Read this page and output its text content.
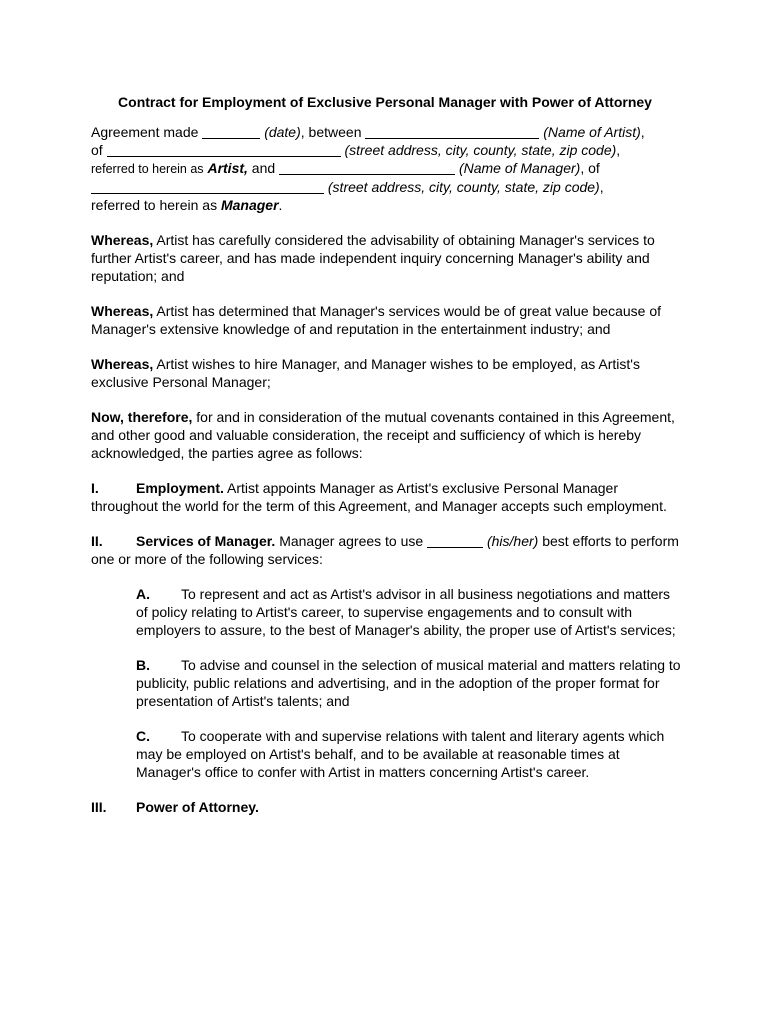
Contract for Employment of Exclusive Personal Manager with Power of Attorney

Agreement made	(date), between	(Name of Artist),

of	(street address, city, county, state, zip code),

referred to herein as Artist, and	(Name of Manager), of

(street address, city, county, state, zip code),

referred to herein as Manager.

Whereas, Artist has carefully considered the advisability of obtaining Manager's services to further Artist's career, and has made independent inquiry concerning Manager's ability and reputation; and

Whereas, Artist has determined that Manager's services would be of great value because of Manager's extensive knowledge of and reputation in the entertainment industry; and

Whereas, Artist wishes to hire Manager, and Manager wishes to be employed, as Artist's exclusive Personal Manager;

Now, therefore, for and in consideration of the mutual covenants contained in this Agreement, and other good and valuable consideration, the receipt and sufficiency of which is hereby acknowledged, the parties agree as follows:

I.	Employment. Artist appoints Manager as Artist's exclusive Personal Manager throughout the world for the term of this Agreement, and Manager accepts such employment.

II. Services of Manager. Manager agrees to use	(his/her) best efforts to perform one or more of the following services:

A. To represent and act as Artist's advisor in all business negotiations and matters of policy relating to Artist's career, to supervise engagements and to consult with employers to assure, to the best of Manager's ability, the proper use of Artist's services;

B. To advise and counsel in the selection of musical material and matters relating to publicity, public relations and advertising, and in the adoption of the proper format for presentation of Artist's talents; and

C. To cooperate with and supervise relations with talent and literary agents which may be employed on Artist's behalf, and to be available at reasonable times at Manager's office to confer with Artist in matters concerning Artist's career.

III. Power of Attorney.
